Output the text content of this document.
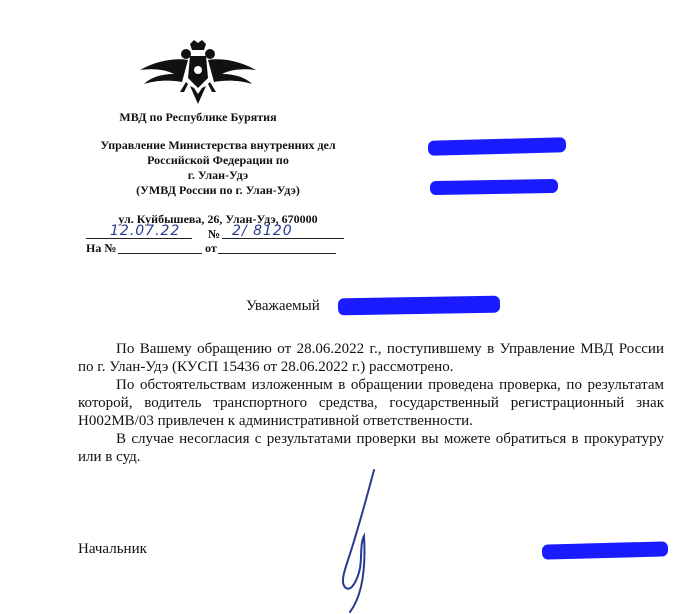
МВД по Республике Бурятия
Управление Министерства внутренних дел
Российской Федерации по
г. Улан-Удэ
(УМВД России по г. Улан-Удэ)
ул. Куйбышева, 26, Улан-Удэ, 670000
12.07.22 № 2/ 8120
На №	от
Уважаемый

По Вашему обращению от 28.06.2022 г., поступившему в Управление МВД России по г. Улан-Удэ (КУСП 15436 от 28.06.2022 г.) рассмотрено.

По обстоятельствам изложенным в обращении проведена проверка, по результатам которой, водитель транспортного средства, государственный регистрационный знак Н002МВ/03 привлечен к административной ответственности.

В случае несогласия с результатами проверки вы можете обратиться в прокуратуру или в суд.

Начальник
